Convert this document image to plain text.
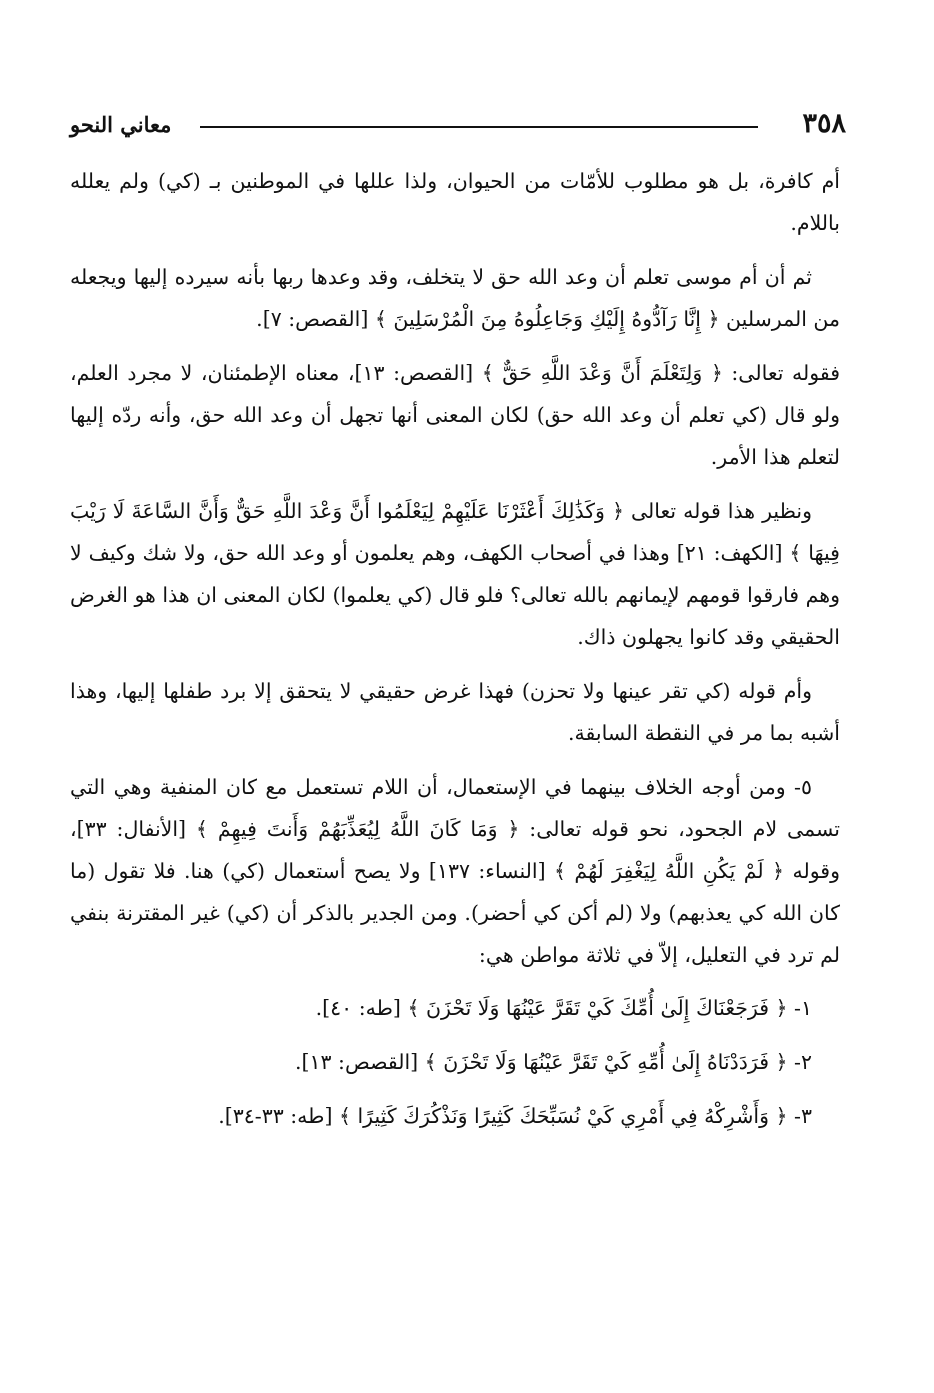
٣٥٨
معاني النحو

أم كافرة، بل هو مطلوب للأمّات من الحيوان، ولذا عللها في الموطنين بـ (كي) ولم يعلله باللام.

ثم أن أم موسى تعلم أن وعد الله حق لا يتخلف، وقد وعدها ربها بأنه سيرده إليها ويجعله من المرسلين ﴿ إِنَّا رَآدُّوهُ إِلَيْكِ وَجَاعِلُوهُ مِنَ الْمُرْسَلِينَ ﴾ [القصص: ٧].

فقوله تعالى: ﴿ وَلِتَعْلَمَ أَنَّ وَعْدَ اللَّهِ حَقٌّ ﴾ [القصص: ١٣]، معناه الإطمئنان، لا مجرد العلم، ولو قال (كي تعلم أن وعد الله حق) لكان المعنى أنها تجهل أن وعد الله حق، وأنه ردّه إليها لتعلم هذا الأمر.

ونظير هذا قوله تعالى ﴿ وَكَذَٰلِكَ أَعْثَرْنَا عَلَيْهِمْ لِيَعْلَمُوا أَنَّ وَعْدَ اللَّهِ حَقٌّ وَأَنَّ السَّاعَةَ لَا رَيْبَ فِيهَا ﴾ [الكهف: ٢١] وهذا في أصحاب الكهف، وهم يعلمون أو وعد الله حق، ولا شك وكيف لا وهم فارقوا قومهم لإيمانهم بالله تعالى؟ فلو قال (كي يعلموا) لكان المعنى ان هذا هو الغرض الحقيقي وقد كانوا يجهلون ذاك.

وأم قوله (كي تقر عينها ولا تحزن) فهذا غرض حقيقي لا يتحقق إلا برد طفلها إليها، وهذا أشبه بما مر في النقطة السابقة.

٥- ومن أوجه الخلاف بينهما في الإستعمال، أن اللام تستعمل مع كان المنفية وهي التي تسمى لام الجحود، نحو قوله تعالى: ﴿ وَمَا كَانَ اللَّهُ لِيُعَذِّبَهُمْ وَأَنتَ فِيهِمْ ﴾ [الأنفال: ٣٣]، وقوله ﴿ لَمْ يَكُنِ اللَّهُ لِيَغْفِرَ لَهُمْ ﴾ [النساء: ١٣٧] ولا يصح أستعمال (كي) هنا. فلا تقول (ما كان الله كي يعذبهم) ولا (لم أكن كي أحضر). ومن الجدير بالذكر أن (كي) غير المقترنة بنفي لم ترد في التعليل، إلاّ في ثلاثة مواطن هي:

١- ﴿ فَرَجَعْنَاكَ إِلَىٰ أُمِّكَ كَيْ تَقَرَّ عَيْنُهَا وَلَا تَحْزَنَ ﴾ [طه: ٤٠].
٢- ﴿ فَرَدَدْنَاهُ إِلَىٰ أُمِّهِ كَيْ تَقَرَّ عَيْنُهَا وَلَا تَحْزَنَ ﴾ [القصص: ١٣].
٣- ﴿ وَأَشْرِكْهُ فِي أَمْرِي كَيْ نُسَبِّحَكَ كَثِيرًا وَنَذْكُرَكَ كَثِيرًا ﴾ [طه: ٣٣-٣٤].
